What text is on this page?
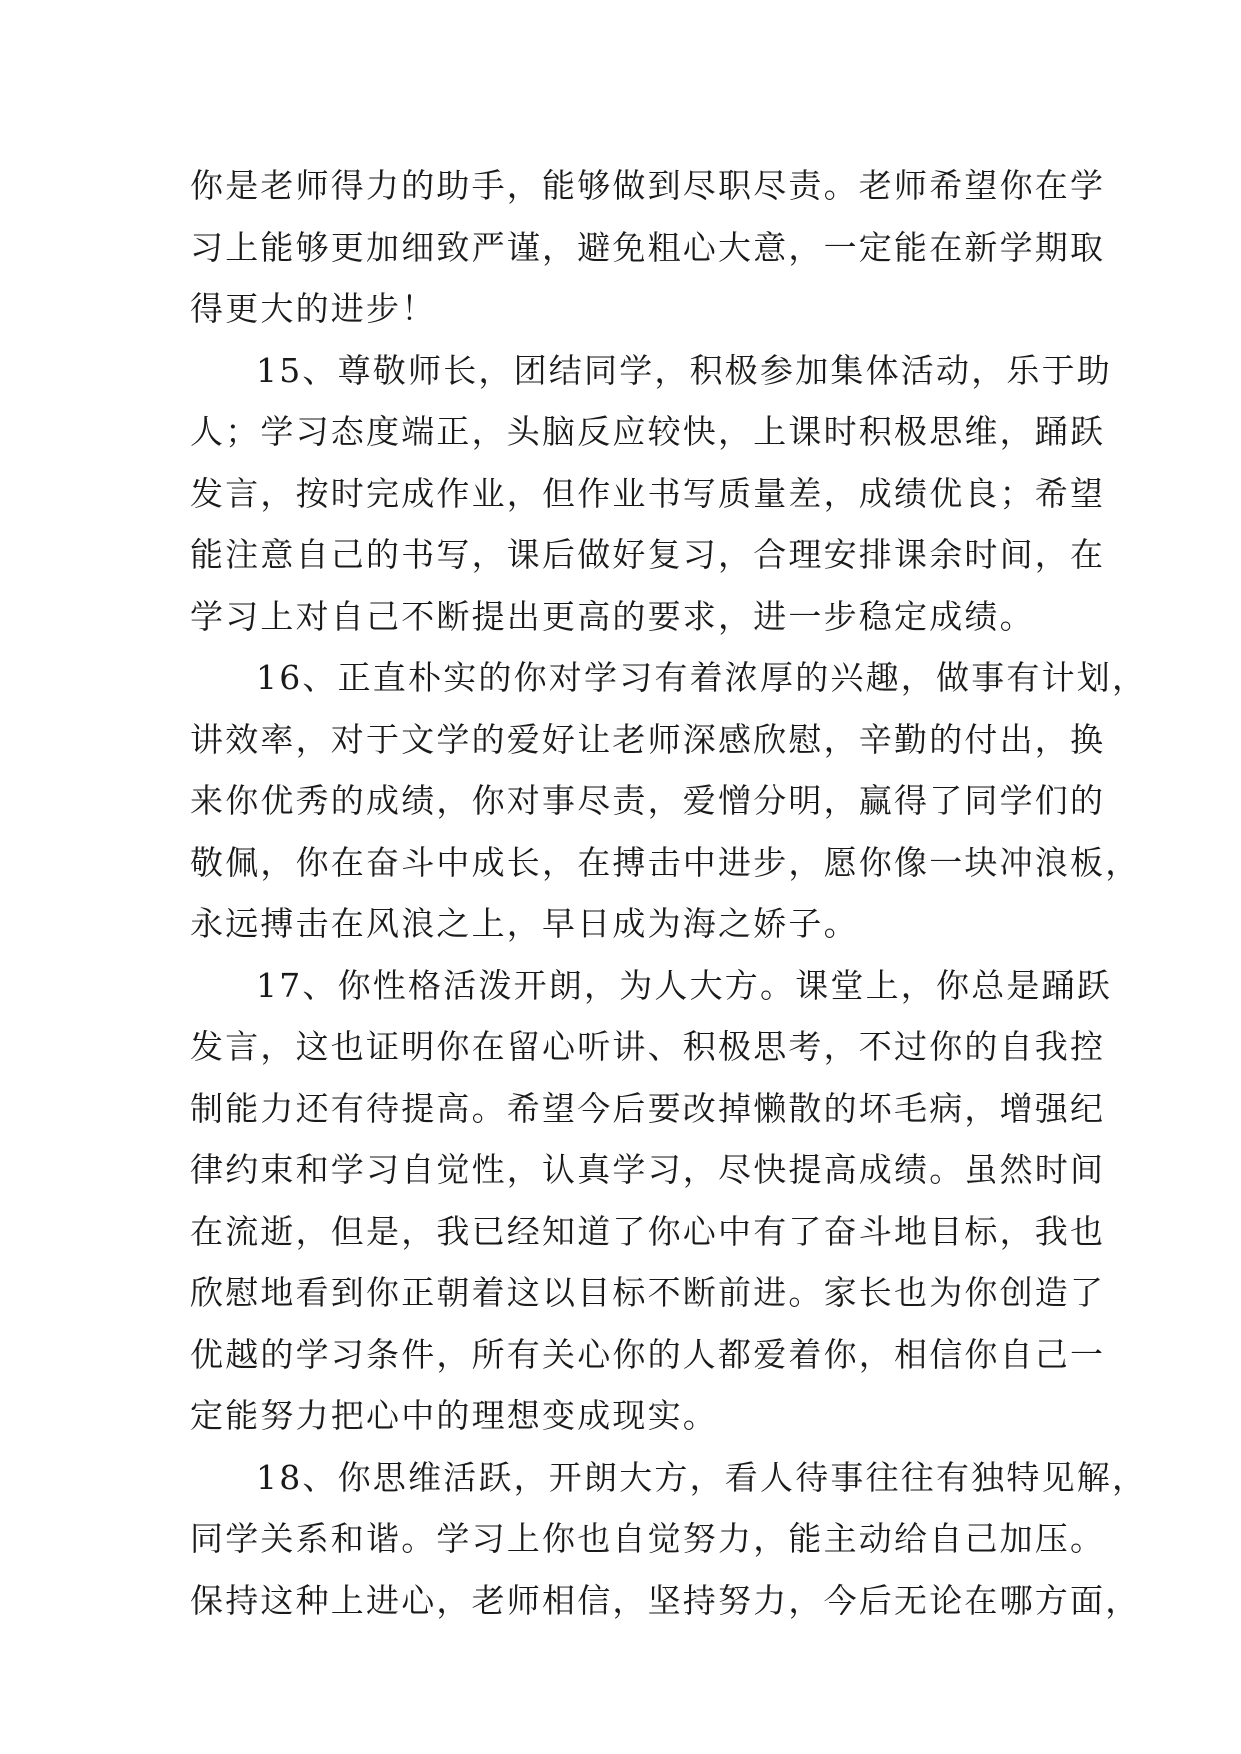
你是老师得力的助手，能够做到尽职尽责。老师希望你在学
习上能够更加细致严谨，避免粗心大意，一定能在新学期取
得更大的进步！
15、尊敬师长，团结同学，积极参加集体活动，乐于助
人；学习态度端正，头脑反应较快，上课时积极思维，踊跃
发言，按时完成作业，但作业书写质量差，成绩优良；希望
能注意自己的书写，课后做好复习，合理安排课余时间，在
学习上对自己不断提出更高的要求，进一步稳定成绩。
16、正直朴实的你对学习有着浓厚的兴趣，做事有计划，
讲效率，对于文学的爱好让老师深感欣慰，辛勤的付出，换
来你优秀的成绩，你对事尽责，爱憎分明，赢得了同学们的
敬佩，你在奋斗中成长，在搏击中进步，愿你像一块冲浪板，
永远搏击在风浪之上，早日成为海之娇子。
17、你性格活泼开朗，为人大方。课堂上，你总是踊跃
发言，这也证明你在留心听讲、积极思考，不过你的自我控
制能力还有待提高。希望今后要改掉懒散的坏毛病，增强纪
律约束和学习自觉性，认真学习，尽快提高成绩。虽然时间
在流逝，但是，我已经知道了你心中有了奋斗地目标，我也
欣慰地看到你正朝着这以目标不断前进。家长也为你创造了
优越的学习条件，所有关心你的人都爱着你，相信你自己一
定能努力把心中的理想变成现实。
18、你思维活跃，开朗大方，看人待事往往有独特见解，
同学关系和谐。学习上你也自觉努力，能主动给自己加压。
保持这种上进心，老师相信，坚持努力，今后无论在哪方面，
